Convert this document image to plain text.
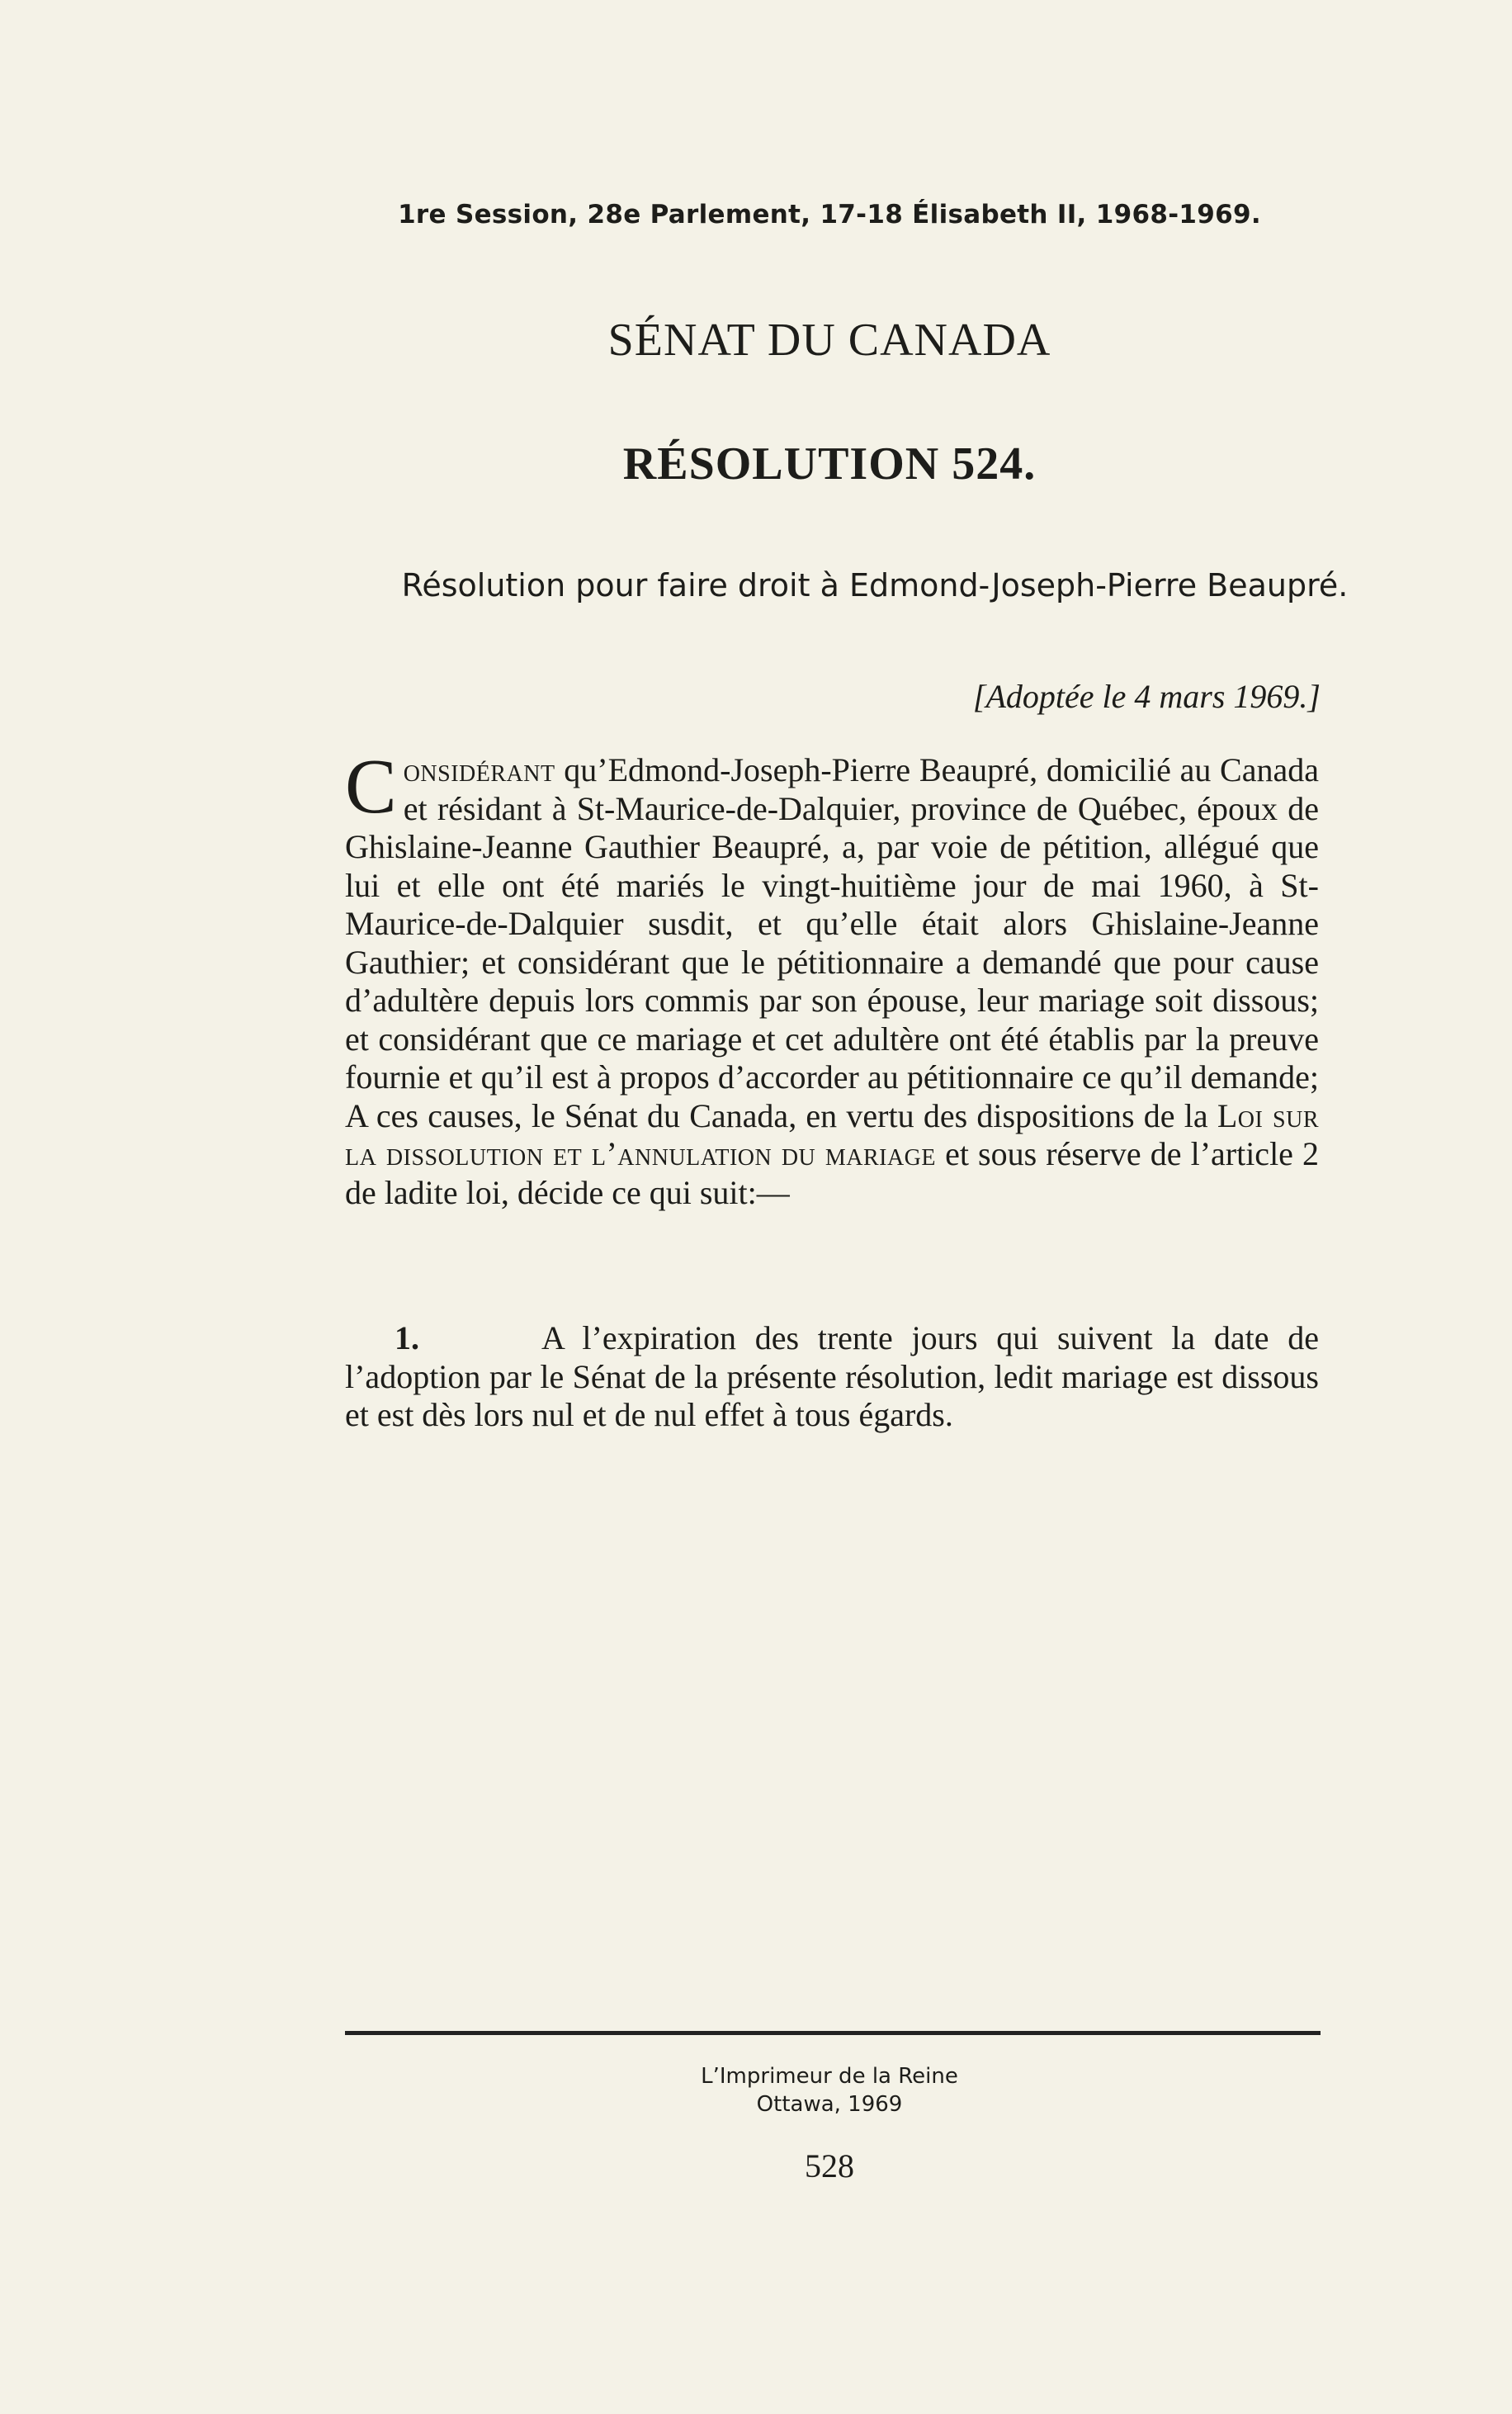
1re Session, 28e Parlement, 17-18 Élisabeth II, 1968-1969.
SÉNAT DU CANADA
RÉSOLUTION 524.
Résolution pour faire droit à Edmond-Joseph-Pierre Beaupré.
[Adoptée le 4 mars 1969.]

Considérant qu’Edmond-Joseph-Pierre Beaupré, domicilié au Canada et résidant à St-Maurice-de-Dalquier, province de Québec, époux de Ghislaine-Jeanne Gauthier Beaupré, a, par voie de pétition, allégué que lui et elle ont été mariés le vingt-huitième jour de mai 1960, à St-Maurice-de-Dalquier susdit, et qu’elle était alors Ghislaine-Jeanne Gauthier; et considérant que le pétitionnaire a demandé que pour cause d’adultère depuis lors commis par son épouse, leur mariage soit dissous; et considérant que ce mariage et cet adultère ont été établis par la preuve fournie et qu’il est à propos d’accorder au pétitionnaire ce qu’il demande; A ces causes, le Sénat du Canada, en vertu des dispositions de la Loi sur la dissolution et l’annulation du mariage et sous réserve de l’article 2 de ladite loi, décide ce qui suit:—

1.	A l’expiration des trente jours qui suivent la date de l’adoption par le Sénat de la présente résolution, ledit mariage est dissous et est dès lors nul et de nul effet à tous égards.

L’Imprimeur de la Reine
Ottawa, 1969
528
